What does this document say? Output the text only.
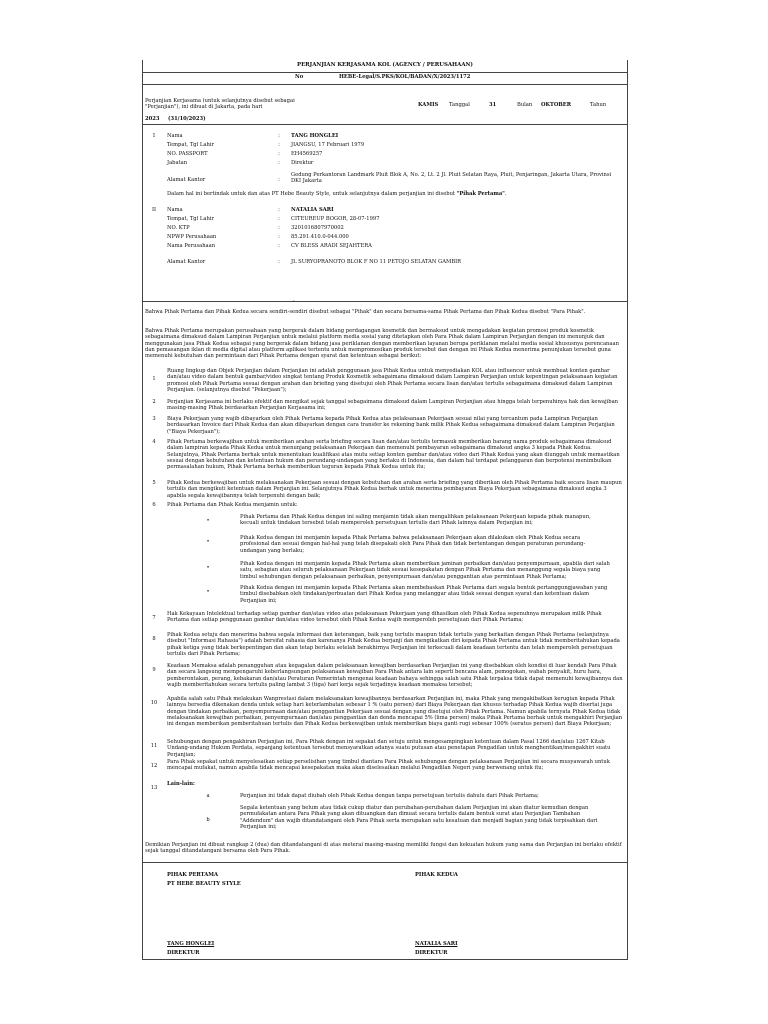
PERJANJIAN KERJASAMA KOL (AGENCY / PERUSAHAAN)
No	HEBE-Legal/S.PKS/KOL/BADAN/X/2023/1172
Perjanjian Kerjasama (untuk selanjutnya disebut sebagai "Perjanjian"), ini dibuat di Jakarta, pada hari	KAMIS Tanggal	31	Bulan OKTOBER	Tahun
2023 (31/10/2023)
1	Nama	:	TANG HONGLEI
Tempat, Tgl Lahir	:	JIANGSU, 17 Februari 1979
NO. PASSPORT	:	EH4569257
Jabatan	:	Direktur
Alamat Kantor	:
Gedung Perkantoran Landmark Pluit Blok A, No. 2, Lt. 2 Jl. Pluit Selatan Raya, Pluit, Penjaringan, Jakarta Utara, Provinsi DKI Jakarta
Dalam hal ini bertindak untuk dan atas PT Hebe Beauty Style, untuk selanjutnya dalam perjanjian ini disebut "Pihak Pertama".
II	Nama	:	NATALIA SARI
Tempat, Tgl Lahir	:	CITEUREUP BOGOR, 28-07-1997
NO. KTP	:	3201016807970002
NPWP Perusahaan	:	85.291.410.0-044.000
Nama Perusahaan	:	CV BLESS ARADI SEJAHTERA
Alamat Kantor	:	JL SURYOPRANOTO BLOK F NO 11 PETOJO SELATAN GAMBIR
.
Bahwa Pihak Pertama dan Pihak Kedua secara sendiri-sendiri disebut sebagai "Pihak" dan secara bersama-sama Pihak Pertama dan Pihak Kedua disebut "Para Pihak".
Bahwa Pihak Pertama merupakan perusahaan yang bergerak dalam bidang perdagangan kosmetik dan bermaksud untuk mengadakan kegiatan promosi produk kosmetik sebagaimana dimaksud dalam Lampiran Perjanjian untuk melalui platform media sosial yang ditetapkan oleh Para Pihak dalam Lampiran Perjanjian dengan ini menunjuk dan menggunakan jasa Pihak Kedua sebagai yang bergerak dalam bidang jasa periklanan dengan memberikan layanan berupa periklanan melalui media sosial khususnya perencanaan dan pemasangan iklan di media digital atau platform aplikasi tertentu untuk mempromosikan produk tersebut dan dengan ini Pihak Kedua menerima penunjukan tersebut guna memenuhi kebutuhan dan permintaan dari Pihak Pertama dengan syarat dan ketentuan sebagai berikut:
1
Ruang lingkup dan Objek Perjanjian dalam Perjanjian ini adalah penggunaan jasa Pihak Kedua untuk menyediakan KOL atau influencer untuk membuat konten gambar dan/atau video dalam bentuk gambar/video singkat tentang Produk Kosmetik sebagaimana dimaksud dalam Lampiran Perjanjian untuk kepentingan pelaksanaan kegiatan promosi oleh Pihak Pertama sesuai dengan arahan dan briefing yang disetujui oleh Pihak Pertama secara lisan dan/atau tertulis sebagaimana dimaksud dalam Lampiran Perjanjian. (selanjutnya disebut "Pekerjaan");
2	Perjanjian Kerjasama ini berlaku efektif dan mengikat sejak tanggal sebagaimana dimaksud dalam Lampiran Perjanjian atau hingga telah terpenuhinya hak dan kewajiban masing-masing Pihak berdasarkan Perjanjian Kerjasama ini;
3	Biaya Pekerjaan yang wajib dibayarkan oleh Pihak Pertama kepada Pihak Kedua atas pelaksanaan Pekerjaan sesuai nilai yang tercantum pada Lampiran Perjanjian berdasarkan Invoice dari Pihak Kedua dan akan dibayarkan dengan cara transfer ke rekening bank milik Pihak Kedua sebagaimana dimaksud dalam Lampiran Perjanjian ("Biaya Pekerjaan");
4	Pihak Pertama berkewajiban untuk memberikan arahan serta briefing secara lisan dan/atau tertulis termasuk memberikan barang nama produk sebagaimana dimaksud dalam lampiran kepada Pihak Kedua untuk menunjang pelaksanaan Pekerjaan dan memenuhi pembayaran sebagaimana dimaksud angka 3 kepada Pihak Kedua. Selanjutnya, Pihak Pertama berhak untuk menentukan kualifikasi atas mutu setiap konten gambar dan/atau video dari Pihak Kedua yang akan diunggah untuk memastikan sesuai dengan kebutuhan dan ketentuan hukum dan perundang-undangan yang berlaku di Indonesia, dan dalam hal terdapat pelanggaran dan berpotensi menimbulkan permasalahan hukum, Pihak Pertama berhak memberikan teguran kepada Pihak Kedua untuk itu;
5	Pihak Kedua berkewajiban untuk melaksanakan Pekerjaan sesuai dengan kebutuhan dan arahan serta briefing yang diberikan oleh Pihak Pertama baik secara lisan maupun tertulis dan mengikuti ketentuan dalam Perjanjian ini. Selanjutnya Pihak Kedua berhak untuk menerima pembayaran Biaya Pekerjaan sebagaimana dimaksud angka 3 apabila segala kewajibannya telah terpenuhi dengan baik;
6	Pihak Pertama dan Pihak Kedua menjamin untuk:
•
Pihak Pertama dan Pihak Kedua dengan ini saling menjamin tidak akan mengalihkan pelaksanaan Pekerjaan kepada pihak manapun, kecuali untuk tindakan tersebut telah memperoleh persetujuan tertulis dari Pihak lainnya dalam Perjanjian ini;
•
Pihak Kedua dengan ini menjamin kepada Pihak Pertama bahwa pelaksanaan Pekerjaan akan dilakukan oleh Pihak Kedua secara profesional dan sesuai dengan hal-hal yang telah disepakati oleh Para Pihak dan tidak bertentangan dengan peraturan perundang-undangan yang berlaku;
•
Pihak Kedua dengan ini menjamin kepada Pihak Pertama akan memberikan jaminan perbaikan dan/atau penyempurnaan, apabila dari salah satu, sebagian atau seluruh pelaksanaan Pekerjaan tidak sesuai kesepakatan dengan Pihak Pertama dan menanggung segala biaya yang timbul sehubungan dengan pelaksanaan perbaikan, penyempurnaan dan/atau penggantian atas permintaan Pihak Pertama;
•
Pihak Kedua dengan ini menjamin kepada Pihak Pertama akan membebaskan Pihak Pertama dari segala bentuk pertanggungjawaban yang timbul disebabkan oleh tindakan/perbuatan dari Pihak Kedua yang melanggar atau tidak sesuai dengan syarat dan ketentuan dalam Perjanjian ini;
7
Hak Kekayaan Intelektual terhadap setiap gambar dan/atau video atas pelaksanaan Pekerjaan yang dihasilkan oleh Pihak Kedua sepenuhnya merupakan milik Pihak Pertama dan setiap penggunaan gambar dan/atau video tersebut oleh Pihak Kedua wajib memperoleh persetujuan dari Pihak Pertama;
8
Pihak Kedua setuju dan menerima bahwa segala informasi dan keterangan, baik yang tertulis maupun tidak tertulis yang berkaitan dengan Pihak Pertama (selanjutnya disebut "Informasi Rahasia") adalah bersifat rahasia dan karenanya Pihak Kedua berjanji dan mengikatkan diri kepada Pihak Pertama untuk tidak memberitahukan kepada pihak ketiga yang tidak berkepentingan dan akan tetap berlaku setelah berakhirnya Perjanjian ini terkecuali dalam keadaan tertentu dan telah memperoleh persetujuan tertulis dari Pihak Pertama;
9
Keadaan Memaksa adalah penangguhan atau kegagalan dalam pelaksanaan kewajiban berdasarkan Perjanjian ini yang disebabkan oleh kondisi di luar kendali Para Pihak dan secara langsung mempengaruhi keberlangsungan pelaksanaan kewajiban Para Pihak antara lain seperti bencana alam, pemogokan, wabah penyakit, huru hara, pemberontakan, perang, kebakaran dan/atau Peraturan Pemerintah mengenai keadaan bahaya sehingga salah satu Pihak terpaksa tidak dapat memenuhi kewajibannya dan wajib memberitahukan secara tertulis paling lambat 3 (tiga) hari kerja sejak terjadinya keadaan memaksa tersebut;
10
Apabila salah satu Pihak melakukan Wanprestasi dalam melaksanakan kewajibannya berdasarkan Perjanjian ini, maka Pihak yang mengakibatkan kerugian kepada Pihak lainnya bersedia dikenakan denda untuk setiap hari keterlambatan sebesar 1 % (satu persen) dari Biaya Pekerjaan dan khusus terhadap Pihak Kedua wajib disertai juga dengan tindakan perbaikan, penyempurnaan dan/atau penggantian Pekerjaan sesuai dengan yang disetujui oleh Pihak Pertama. Namun apabila ternyata Pihak Kedua tidak melaksanakan kewajiban perbaikan, penyempurnaan dan/atau penggantian dan denda mencapai 5% (lima persen) maka Pihak Pertama berhak untuk mengakhiri Perjanjian ini dengan memberikan pemberitahuan tertulis dan Pihak Kedua berkewajiban untuk memberikan biaya ganti rugi sebesar 100% (seratus persen) dari Biaya Pekerjaan;
11
Sehubungan dengan pengakhiran Perjanjian ini, Para Pihak dengan ini sepakat dan setuju untuk mengesampingkan ketentuan dalam Pasal 1266 dan/atau 1267 Kitab Undang-undang Hukum Perdata, sepanjang ketentuan tersebut mensyaratkan adanya suatu putusan atau penetapan Pengadilan untuk menghentikan/mengakhiri suatu Perjanjian;
12
Para Pihak sepakat untuk menyelesaikan setiap perselisihan yang timbul diantara Para Pihak sehubungan dengan pelaksanaan Perjanjian ini secara musyawarah untuk mencapai mufakat, namun apabila tidak mencapai kesepakatan maka akan diselesaikan melalui Pengadilan Negeri yang berwenang untuk itu;
13
Lain-lain:
a	Perjanjian ini tidak dapat diubah oleh Pihak Kedua dengan tanpa persetujuan tertulis dahulu dari Pihak Pertama;
b
Segala ketentuan yang belum atau tidak cukup diatur dan perubahan-perubahan dalam Perjanjian ini akan diatur kemudian dengan permufakatan antara Para Pihak yang akan dituangkan dan dimuat secara tertulis dalam bentuk surat atau Perjanjian Tambahan "Addendum" dan wajib ditandatangani oleh Para Pihak serta merupakan satu kesatuan dan menjadi bagian yang tidak terpisahkan dari Perjanjian ini;
Demikian Perjanjian ini dibuat rangkap 2 (dua) dan ditandatangani di atas meterai masing-masing memiliki fungsi dan kekuatan hukum yang sama dan Perjanjian ini berlaku efektif sejak tanggal ditandatangani bersama oleh Para Pihak.
PIHAK PERTAMA
PT HEBE BEAUTY STYLE
PIHAK KEDUA
TANG HONGLEI
DIREKTUR
NATALIA SARI
DIREKTUR
